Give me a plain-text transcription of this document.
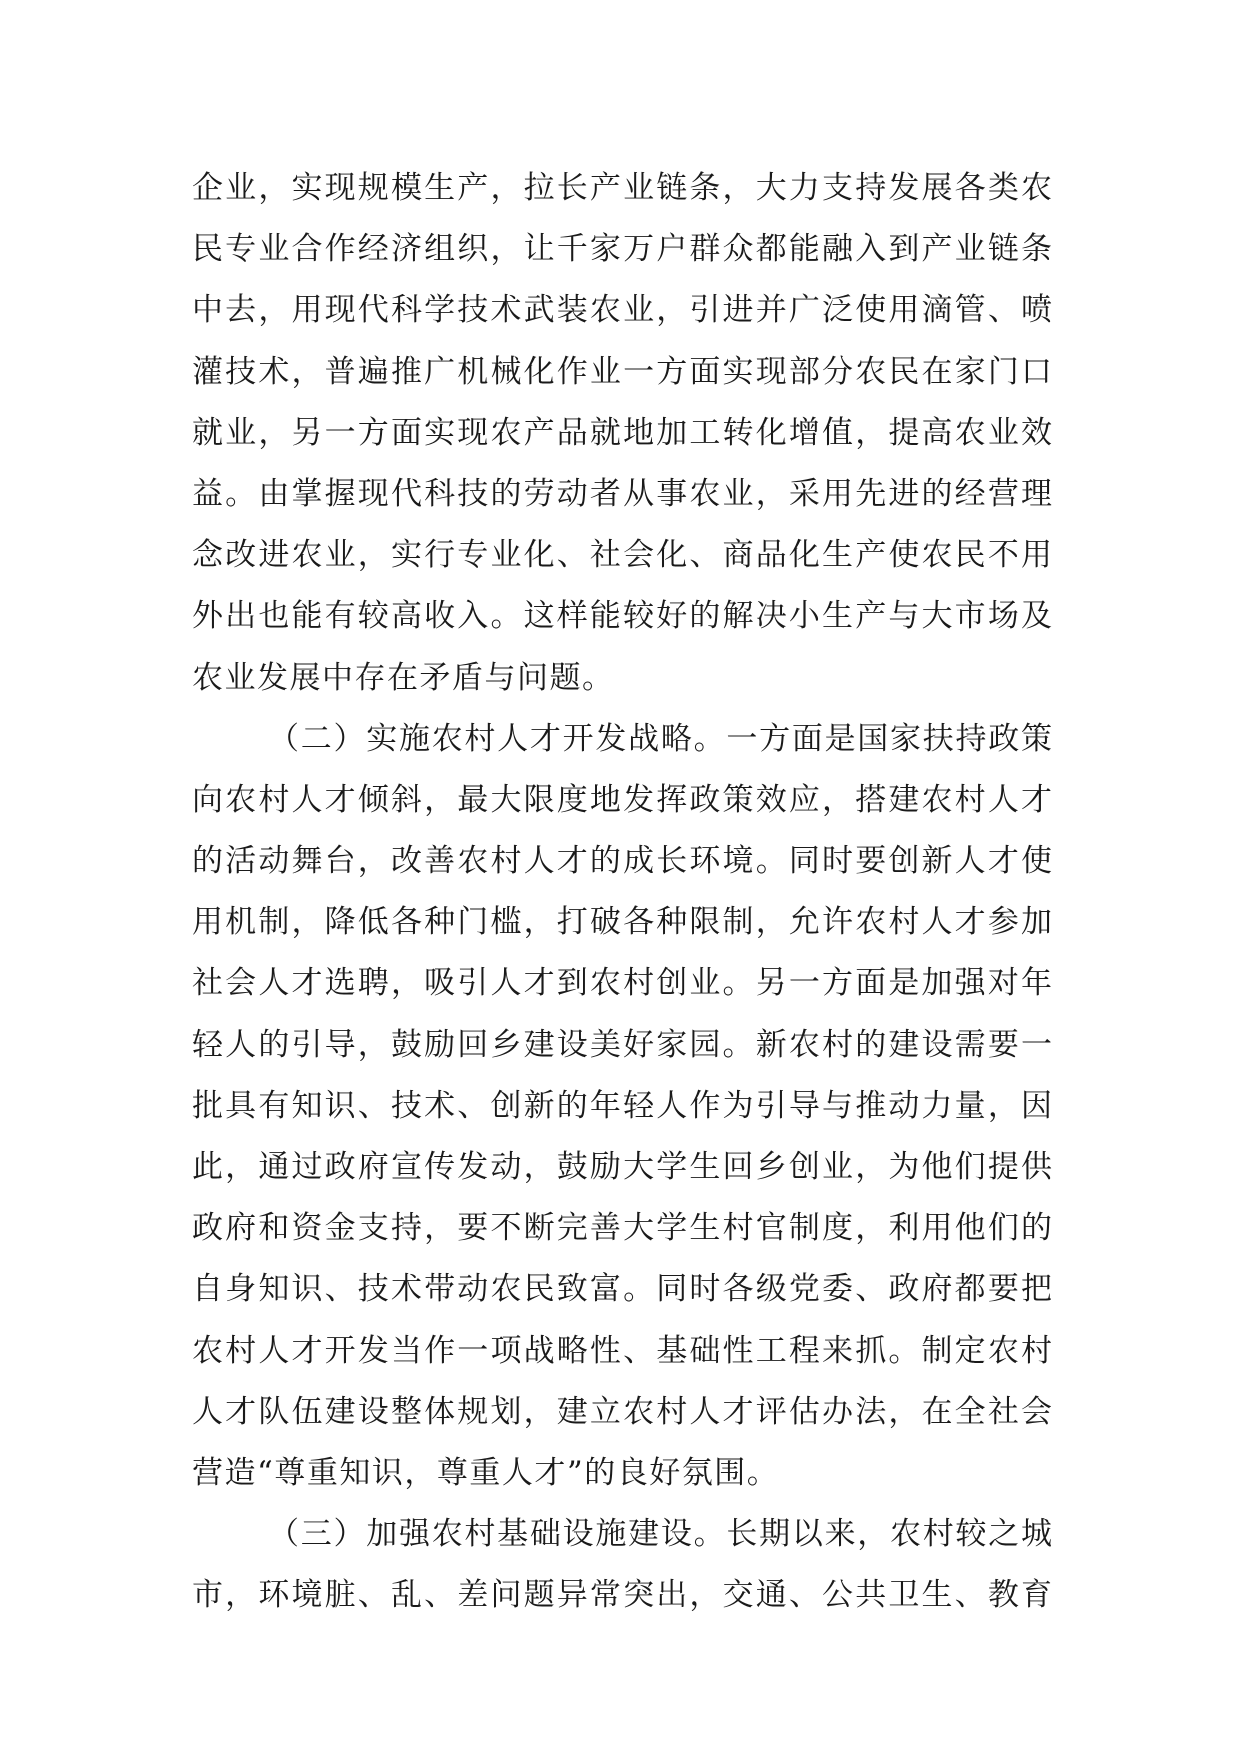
企业，实现规模生产，拉长产业链条，大力支持发展各类农
民专业合作经济组织，让千家万户群众都能融入到产业链条
中去，用现代科学技术武装农业，引进并广泛使用滴管、喷
灌技术，普遍推广机械化作业一方面实现部分农民在家门口
就业，另一方面实现农产品就地加工转化增值，提高农业效
益。由掌握现代科技的劳动者从事农业，采用先进的经营理
念改进农业，实行专业化、社会化、商品化生产使农民不用
外出也能有较高收入。这样能较好的解决小生产与大市场及
农业发展中存在矛盾与问题。
（二）实施农村人才开发战略。一方面是国家扶持政策
向农村人才倾斜，最大限度地发挥政策效应，搭建农村人才
的活动舞台，改善农村人才的成长环境。同时要创新人才使
用机制，降低各种门槛，打破各种限制，允许农村人才参加
社会人才选聘，吸引人才到农村创业。另一方面是加强对年
轻人的引导，鼓励回乡建设美好家园。新农村的建设需要一
批具有知识、技术、创新的年轻人作为引导与推动力量，因
此，通过政府宣传发动，鼓励大学生回乡创业，为他们提供
政府和资金支持，要不断完善大学生村官制度，利用他们的
自身知识、技术带动农民致富。同时各级党委、政府都要把
农村人才开发当作一项战略性、基础性工程来抓。制定农村
人才队伍建设整体规划，建立农村人才评估办法，在全社会
营造“尊重知识，尊重人才”的良好氛围。
（三）加强农村基础设施建设。长期以来，农村较之城
市，环境脏、乱、差问题异常突出，交通、公共卫生、教育
